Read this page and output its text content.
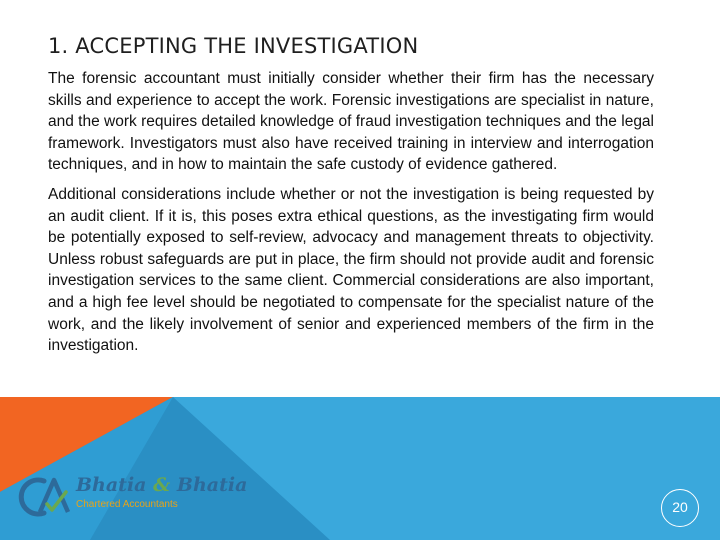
1. ACCEPTING THE INVESTIGATION

The forensic accountant must initially consider whether their firm has the necessary skills and experience to accept the work. Forensic investigations are specialist in nature, and the work requires detailed knowledge of fraud investigation techniques and the legal framework. Investigators must also have received training in interview and interrogation techniques, and in how to maintain the safe custody of evidence gathered.

Additional considerations include whether or not the investigation is being requested by an audit client. If it is, this poses extra ethical questions, as the investigating firm would be potentially exposed to self-review, advocacy and management threats to objectivity. Unless robust safeguards are put in place, the firm should not provide audit and forensic investigation services to the same client. Commercial considerations are also important, and a high fee level should be negotiated to compensate for the specialist nature of the work, and the likely involvement of senior and experienced members of the firm in the investigation.

Bhatia & Bhatia
Chartered Accountants	20
